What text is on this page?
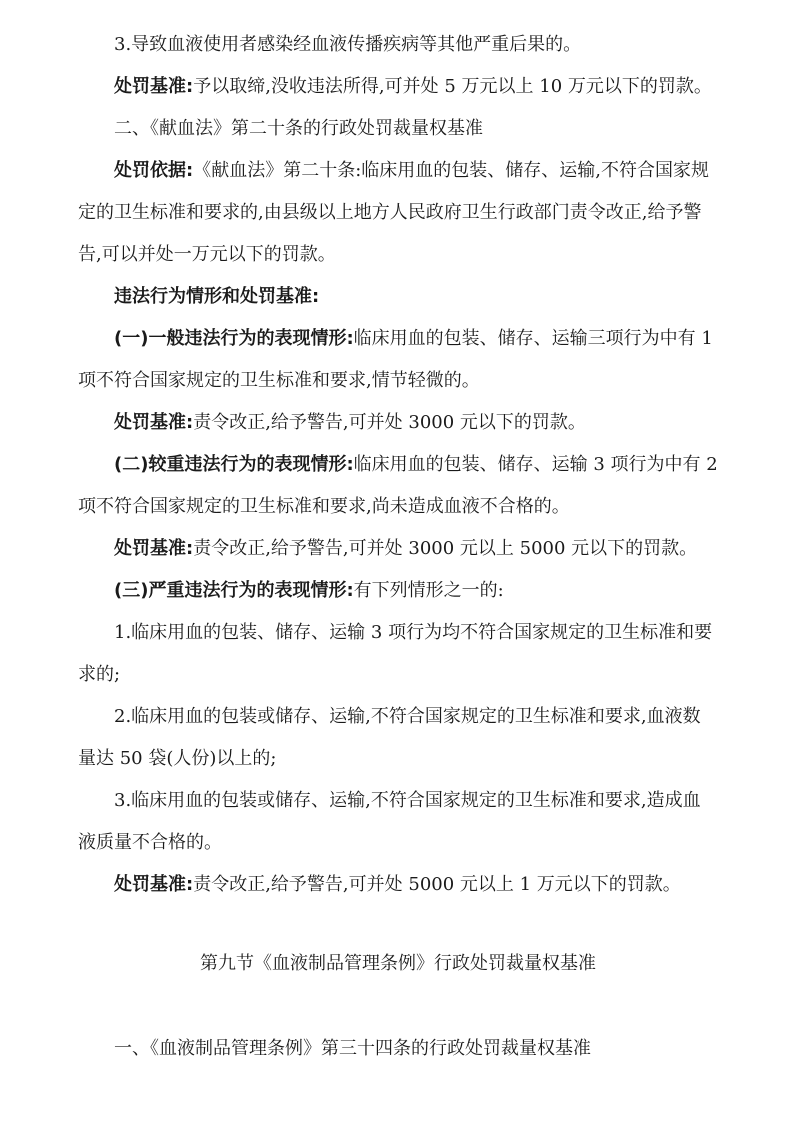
3.导致血液使用者感染经血液传播疾病等其他严重后果的。

处罚基准:予以取缔,没收违法所得,可并处 5 万元以上 10 万元以下的罚款。

二、《献血法》第二十条的行政处罚裁量权基准

处罚依据:《献血法》第二十条:临床用血的包装、储存、运输,不符合国家规定的卫生标准和要求的,由县级以上地方人民政府卫生行政部门责令改正,给予警告,可以并处一万元以下的罚款。

违法行为情形和处罚基准:

(一)一般违法行为的表现情形:临床用血的包装、储存、运输三项行为中有 1 项不符合国家规定的卫生标准和要求,情节轻微的。

处罚基准:责令改正,给予警告,可并处 3000 元以下的罚款。

(二)较重违法行为的表现情形:临床用血的包装、储存、运输 3 项行为中有 2 项不符合国家规定的卫生标准和要求,尚未造成血液不合格的。

处罚基准:责令改正,给予警告,可并处 3000 元以上 5000 元以下的罚款。

(三)严重违法行为的表现情形:有下列情形之一的:

1.临床用血的包装、储存、运输 3 项行为均不符合国家规定的卫生标准和要求的;

2.临床用血的包装或储存、运输,不符合国家规定的卫生标准和要求,血液数量达 50 袋(人份)以上的;

3.临床用血的包装或储存、运输,不符合国家规定的卫生标准和要求,造成血液质量不合格的。

处罚基准:责令改正,给予警告,可并处 5000 元以上 1 万元以下的罚款。

第九节《血液制品管理条例》行政处罚裁量权基准

一、《血液制品管理条例》第三十四条的行政处罚裁量权基准
